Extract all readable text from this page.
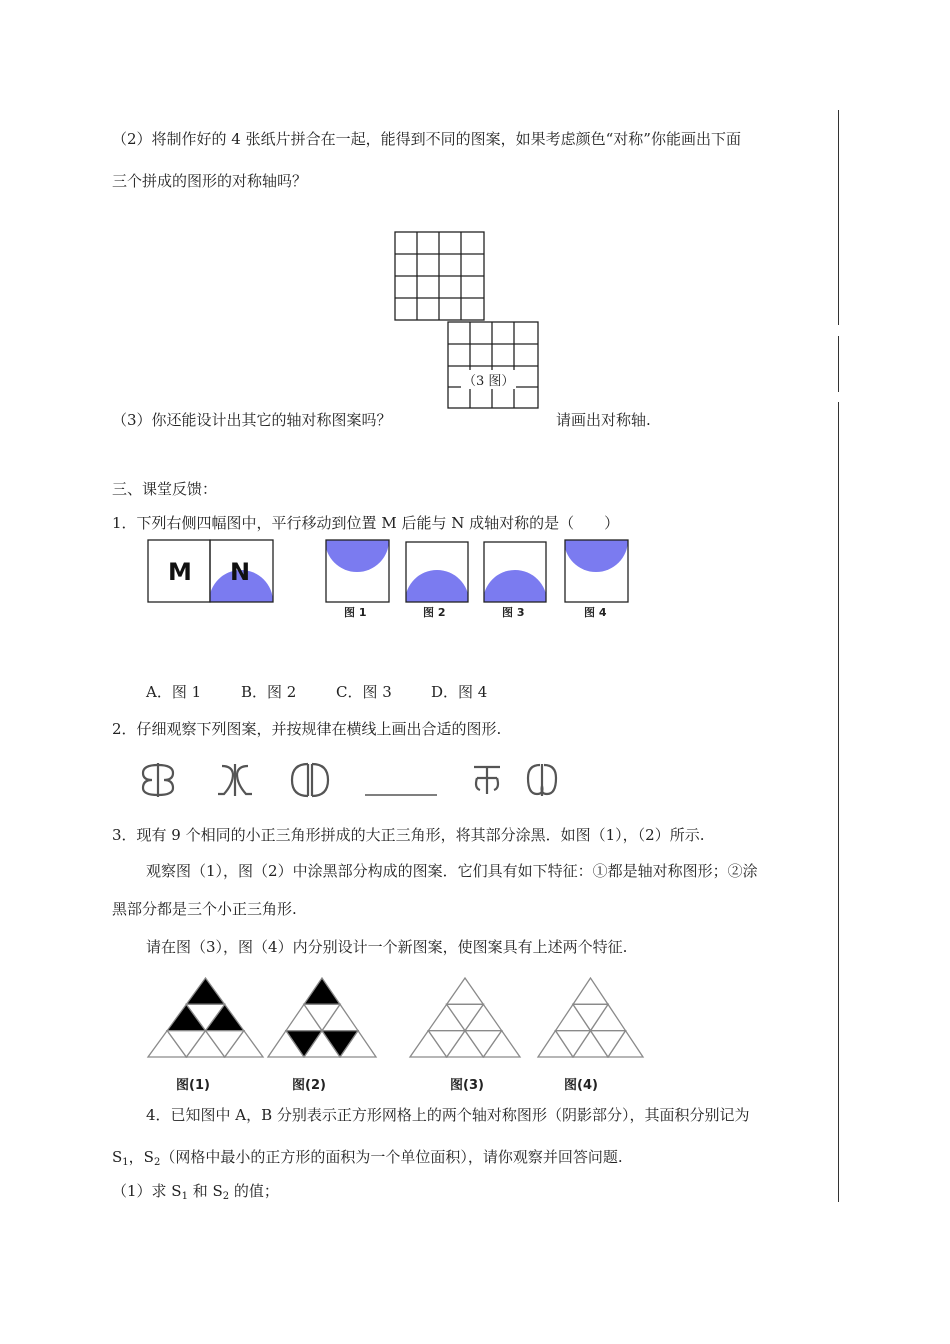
（2）将制作好的 4 张纸片拼合在一起，能得到不同的图案，如果考虑颜色“对称”你能画出下面
三个拼成的图形的对称轴吗？
（3 图）
（3）你还能设计出其它的轴对称图案吗？	请画出对称轴.
三、课堂反馈：
1．下列右侧四幅图中，平行移动到位置 M 后能与 N 成轴对称的是（　　）
M N
图 1	图 2	图 3	图 4
A．图 1	B．图 2	C．图 3	D．图 4
2．仔细观察下列图案，并按规律在横线上画出合适的图形.
3．现有 9 个相同的小正三角形拼成的大正三角形，将其部分涂黑．如图（1），（2）所示.
观察图（1），图（2）中涂黑部分构成的图案．它们具有如下特征：①都是轴对称图形；②涂
黑部分都是三个小正三角形.
请在图（3），图（4）内分别设计一个新图案，使图案具有上述两个特征.
图(1)	图(2)	图(3)	图(4)
4．已知图中 A，B 分别表示正方形网格上的两个轴对称图形（阴影部分），其面积分别记为
$S_1$，$S_2$（网格中最小的正方形的面积为一个单位面积），请你观察并回答问题.
（1）求 $S_1$ 和 $S_2$ 的值；
